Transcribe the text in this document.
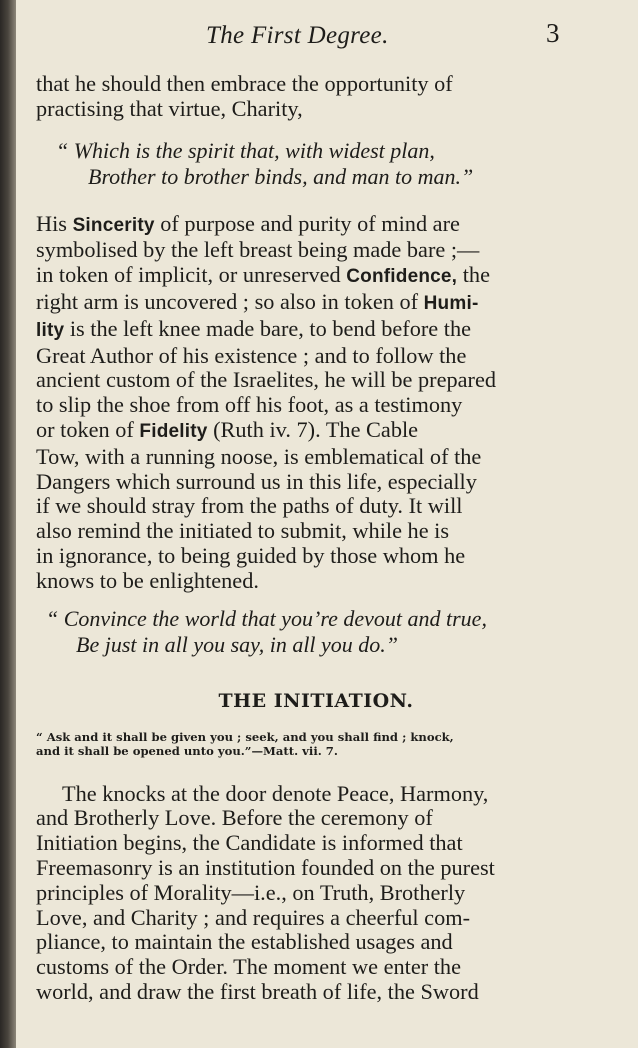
The First Degree.	3

that he should then embrace the opportunity of
practising that virtue, Charity,

“ Which is the spirit that, with widest plan,
Brother to brother binds, and man to man.”

His Sincerity of purpose and purity of mind are
symbolised by the left breast being made bare ;—
in token of implicit, or unreserved Confidence, the
right arm is uncovered ; so also in token of Humi-
lity is the left knee made bare, to bend before the
Great Author of his existence ; and to follow the
ancient custom of the Israelites, he will be prepared
to slip the shoe from off his foot, as a testimony
or token of Fidelity (Ruth iv. 7). The Cable
Tow, with a running noose, is emblematical of the
Dangers which surround us in this life, especially
if we should stray from the paths of duty. It will
also remind the initiated to submit, while he is
in ignorance, to being guided by those whom he
knows to be enlightened.

“ Convince the world that you’re devout and true,
Be just in all you say, in all you do.”

THE INITIATION.

“ Ask and it shall be given you ; seek, and you shall find ; knock,
and it shall be opened unto you.”—Matt. vii. 7.

The knocks at the door denote Peace, Harmony,
and Brotherly Love. Before the ceremony of
Initiation begins, the Candidate is informed that
Freemasonry is an institution founded on the purest
principles of Morality—i.e., on Truth, Brotherly
Love, and Charity ; and requires a cheerful com-
pliance, to maintain the established usages and
customs of the Order. The moment we enter the
world, and draw the first breath of life, the Sword
